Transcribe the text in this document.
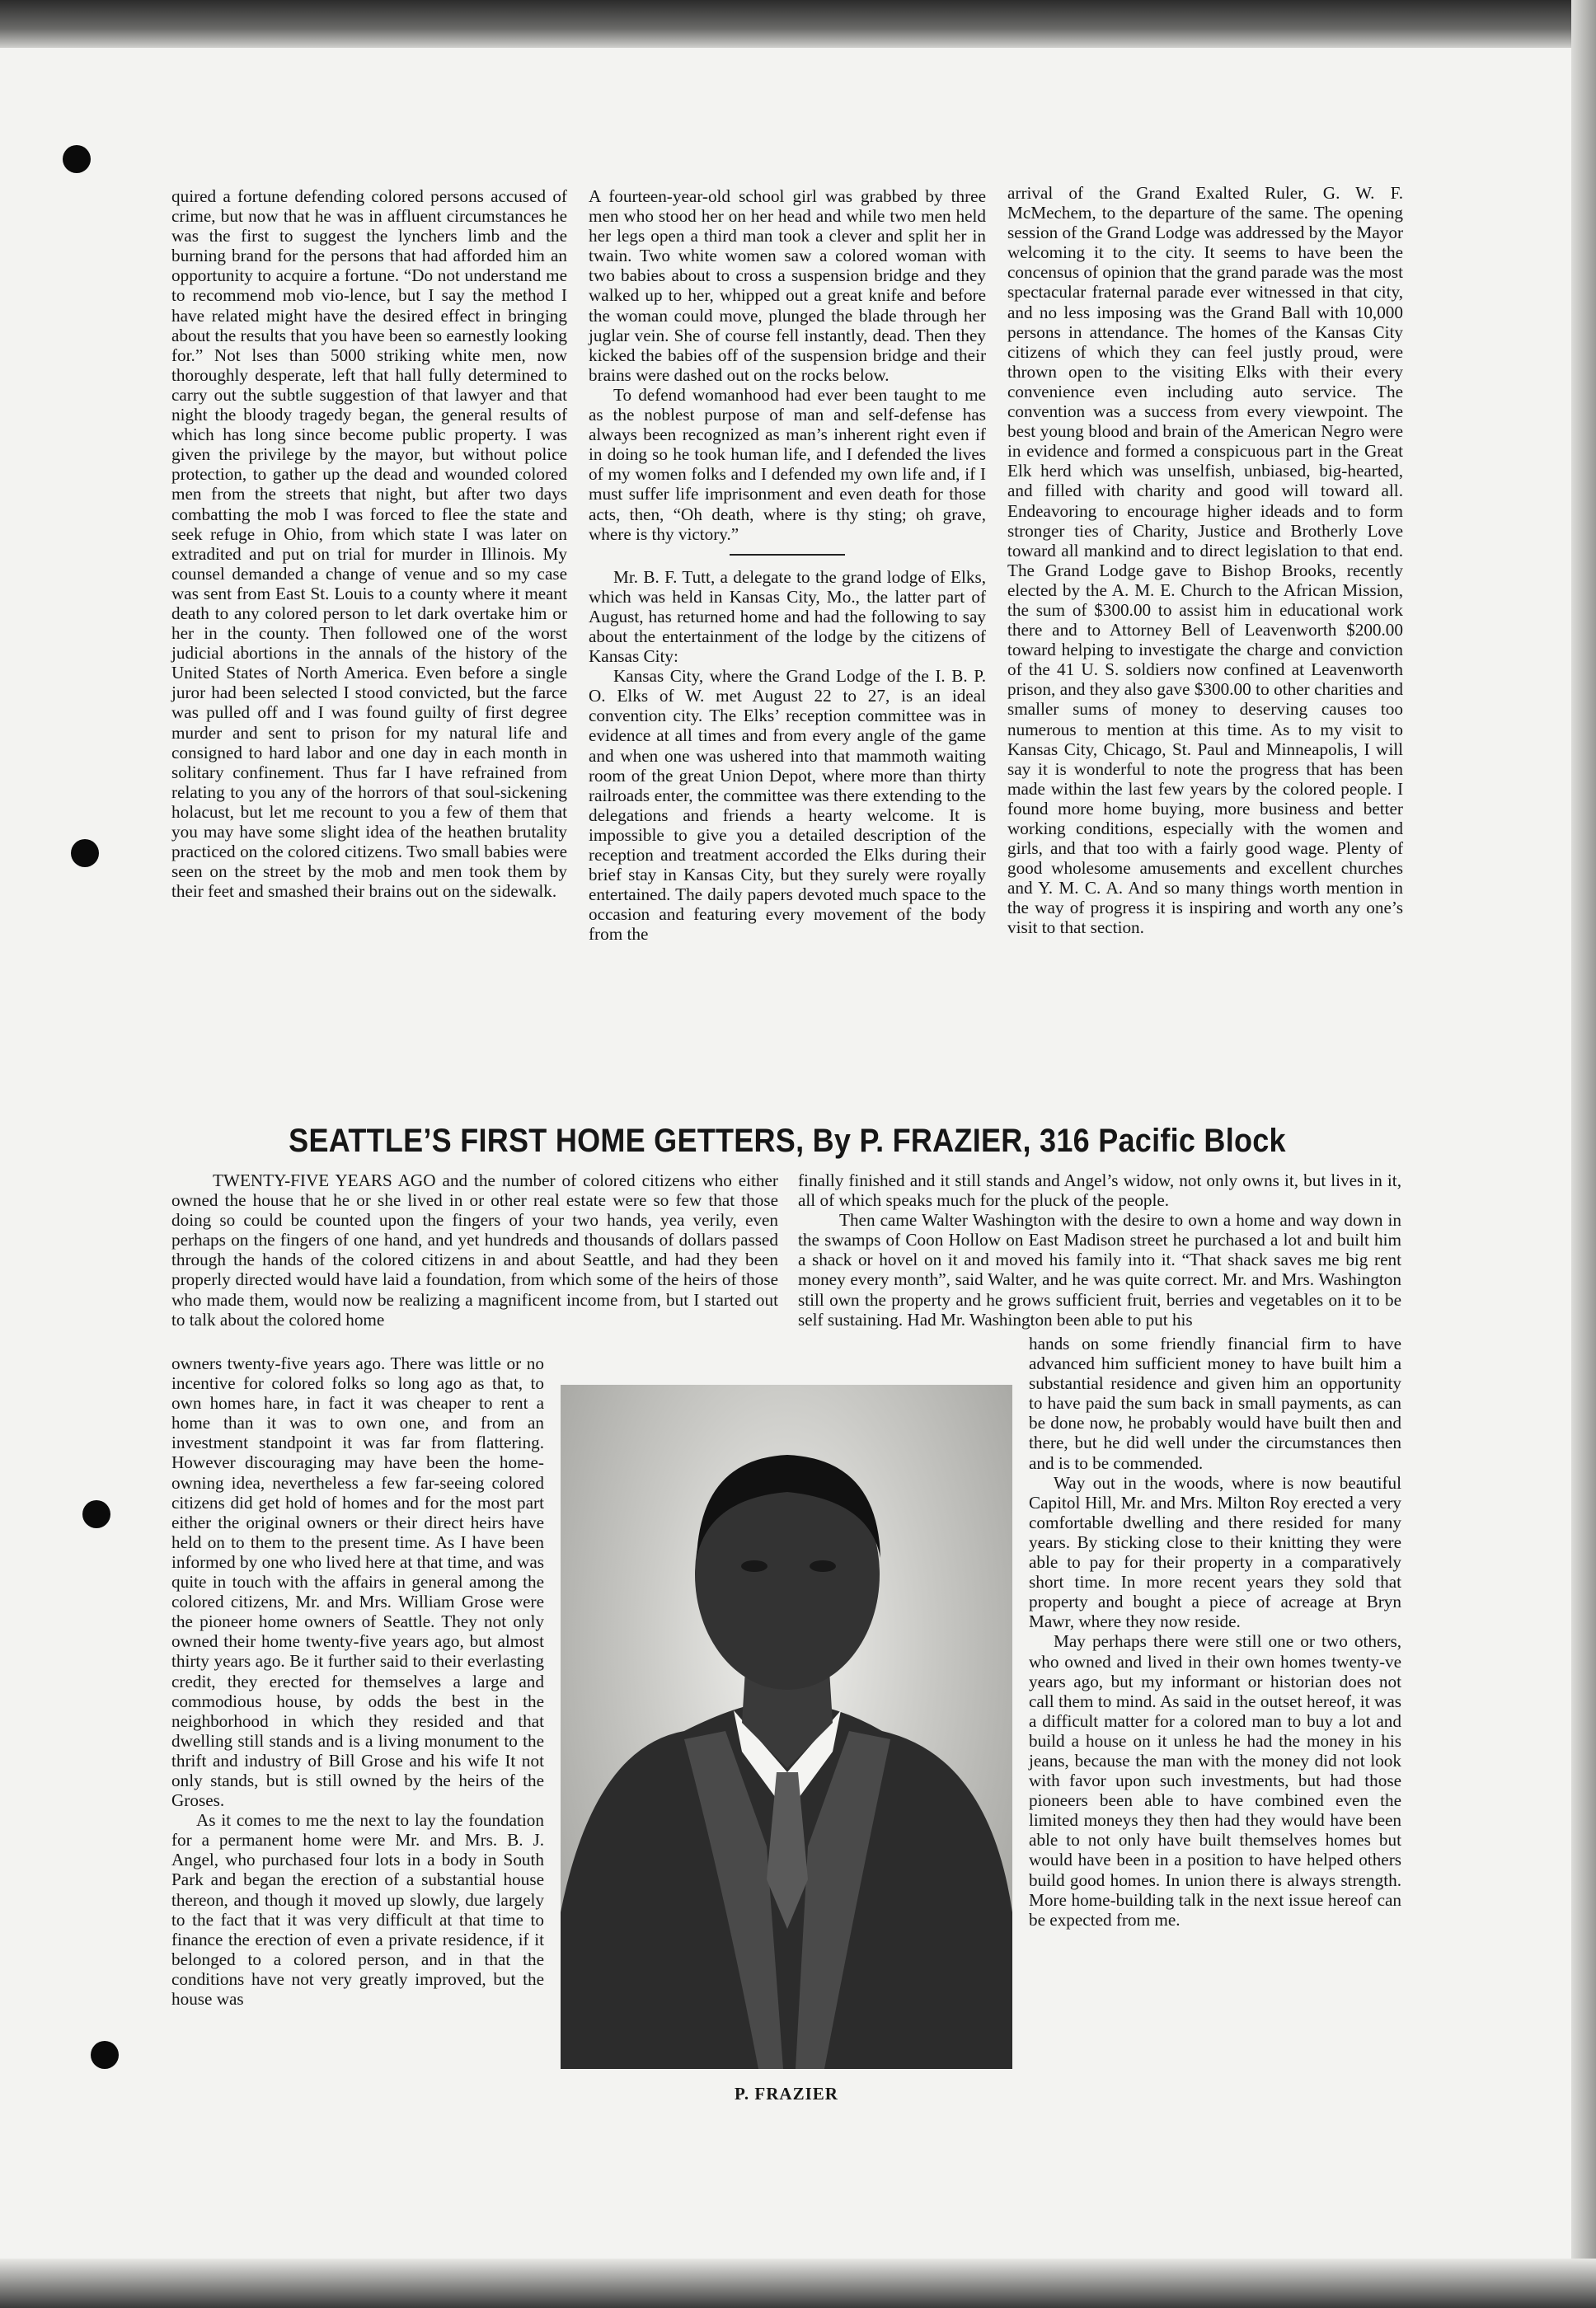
quired a fortune defending colored persons accused of crime, but now that he was in affluent circumstances he was the first to suggest the lynchers limb and the burning brand for the persons that had afforded him an opportunity to acquire a fortune. “Do not understand me to recommend mob vio-lence, but I say the method I have related might have the desired effect in bringing about the results that you have been so earnestly looking for.” Not lses than 5000 striking white men, now thoroughly desperate, left that hall fully determined to carry out the subtle suggestion of that lawyer and that night the bloody tragedy began, the general results of which has long since become public property. I was given the privilege by the mayor, but without police protection, to gather up the dead and wounded colored men from the streets that night, but after two days combatting the mob I was forced to flee the state and seek refuge in Ohio, from which state I was later on extradited and put on trial for murder in Illinois. My counsel demanded a change of venue and so my case was sent from East St. Louis to a county where it meant death to any colored person to let dark overtake him or her in the county. Then followed one of the worst judicial abortions in the annals of the history of the United States of North America. Even before a single juror had been selected I stood convicted, but the farce was pulled off and I was found guilty of first degree murder and sent to prison for my natural life and consigned to hard labor and one day in each month in solitary confinement. Thus far I have refrained from relating to you any of the horrors of that soul-sickening holacust, but let me recount to you a few of them that you may have some slight idea of the heathen brutality practiced on the colored citizens. Two small babies were seen on the street by the mob and men took them by their feet and smashed their brains out on the sidewalk.

A fourteen-year-old school girl was grabbed by three men who stood her on her head and while two men held her legs open a third man took a clever and split her in twain. Two white women saw a colored woman with two babies about to cross a suspension bridge and they walked up to her, whipped out a great knife and before the woman could move, plunged the blade through her juglar vein. She of course fell instantly, dead. Then they kicked the babies off of the suspension bridge and their brains were dashed out on the rocks below.

To defend womanhood had ever been taught to me as the noblest purpose of man and self-defense has always been recognized as man’s inherent right even if in doing so he took human life, and I defended the lives of my women folks and I defended my own life and, if I must suffer life imprisonment and even death for those acts, then, “Oh death, where is thy sting; oh grave, where is thy victory.”

Mr. B. F. Tutt, a delegate to the grand lodge of Elks, which was held in Kansas City, Mo., the latter part of August, has returned home and had the following to say about the entertainment of the lodge by the citizens of Kansas City:

Kansas City, where the Grand Lodge of the I. B. P. O. Elks of W. met August 22 to 27, is an ideal convention city. The Elks’ reception committee was in evidence at all times and from every angle of the game and when one was ushered into that mammoth waiting room of the great Union Depot, where more than thirty railroads enter, the committee was there extending to the delegations and friends a hearty welcome. It is impossible to give you a detailed description of the reception and treatment accorded the Elks during their brief stay in Kansas City, but they surely were royally entertained. The daily papers devoted much space to the occasion and featuring every movement of the body from the

arrival of the Grand Exalted Ruler, G. W. F. McMechem, to the departure of the same. The opening session of the Grand Lodge was addressed by the Mayor welcoming it to the city. It seems to have been the concensus of opinion that the grand parade was the most spectacular fraternal parade ever witnessed in that city, and no less imposing was the Grand Ball with 10,000 persons in attendance. The homes of the Kansas City citizens of which they can feel justly proud, were thrown open to the visiting Elks with their every convenience even including auto service. The convention was a success from every viewpoint. The best young blood and brain of the American Negro were in evidence and formed a conspicuous part in the Great Elk herd which was unselfish, unbiased, big-hearted, and filled with charity and good will toward all. Endeavoring to encourage higher ideads and to form stronger ties of Charity, Justice and Brotherly Love toward all mankind and to direct legislation to that end. The Grand Lodge gave to Bishop Brooks, recently elected by the A. M. E. Church to the African Mission, the sum of $300.00 to assist him in educational work there and to Attorney Bell of Leavenworth $200.00 toward helping to investigate the charge and conviction of the 41 U. S. soldiers now confined at Leavenworth prison, and they also gave $300.00 to other charities and smaller sums of money to deserving causes too numerous to mention at this time. As to my visit to Kansas City, Chicago, St. Paul and Minneapolis, I will say it is wonderful to note the progress that has been made within the last few years by the colored people. I found more home buying, more business and better working conditions, especially with the women and girls, and that too with a fairly good wage. Plenty of good wholesome amusements and excellent churches and Y. M. C. A. And so many things worth mention in the way of progress it is inspiring and worth any one’s visit to that section.

SEATTLE’S FIRST HOME GETTERS, By P. FRAZIER, 316 Pacific Block

TWENTY-FIVE YEARS AGO and the number of colored citizens who either owned the house that he or she lived in or other real estate were so few that those doing so could be counted upon the fingers of your two hands, yea verily, even perhaps on the fingers of one hand, and yet hundreds and thousands of dollars passed through the hands of the colored citizens in and about Seattle, and had they been properly directed would have laid a foundation, from which some of the heirs of those who made them, would now be realizing a magnificent income from, but I started out to talk about the colored home

owners twenty-five years ago. There was little or no incentive for colored folks so long ago as that, to own homes hare, in fact it was cheaper to rent a home than it was to own one, and from an investment standpoint it was far from flattering. However discouraging may have been the home-owning idea, nevertheless a few far-seeing colored citizens did get hold of homes and for the most part either the original owners or their direct heirs have held on to them to the present time. As I have been informed by one who lived here at that time, and was quite in touch with the affairs in general among the colored citizens, Mr. and Mrs. William Grose were the pioneer home owners of Seattle. They not only owned their home twenty-five years ago, but almost thirty years ago. Be it further said to their everlasting credit, they erected for themselves a large and commodious house, by odds the best in the neighborhood in which they resided and that dwelling still stands and is a living monument to the thrift and industry of Bill Grose and his wife It not only stands, but is still owned by the heirs of the Groses.

As it comes to me the next to lay the foundation for a permanent home were Mr. and Mrs. B. J. Angel, who purchased four lots in a body in South Park and began the erection of a substantial house thereon, and though it moved up slowly, due largely to the fact that it was very difficult at that time to finance the erection of even a private residence, if it belonged to a colored person, and in that the conditions have not very greatly improved, but the house was

finally finished and it still stands and Angel’s widow, not only owns it, but lives in it, all of which speaks much for the pluck of the people.

Then came Walter Washington with the desire to own a home and way down in the swamps of Coon Hollow on East Madison street he purchased a lot and built him a shack or hovel on it and moved his family into it. “That shack saves me big rent money every month”, said Walter, and he was quite correct. Mr. and Mrs. Washington still own the property and he grows sufficient fruit, berries and vegetables on it to be self sustaining. Had Mr. Washington been able to put his

hands on some friendly financial firm to have advanced him sufficient money to have built him a substantial residence and given him an opportunity to have paid the sum back in small payments, as can be done now, he probably would have built then and there, but he did well under the circumstances then and is to be commended.

Way out in the woods, where is now beautiful Capitol Hill, Mr. and Mrs. Milton Roy erected a very comfortable dwelling and there resided for many years. By sticking close to their knitting they were able to pay for their property in a comparatively short time. In more recent years they sold that property and bought a piece of acreage at Bryn Mawr, where they now reside.

May perhaps there were still one or two others, who owned and lived in their own homes twenty-ve years ago, but my informant or historian does not call them to mind. As said in the outset hereof, it was a difficult matter for a colored man to buy a lot and build a house on it unless he had the money in his jeans, because the man with the money did not look with favor upon such investments, but had those pioneers been able to have combined even the limited moneys they then had they would have been able to not only have built themselves homes but would have been in a position to have helped others build good homes. In union there is always strength. More home-building talk in the next issue hereof can be expected from me.

P. FRAZIER
